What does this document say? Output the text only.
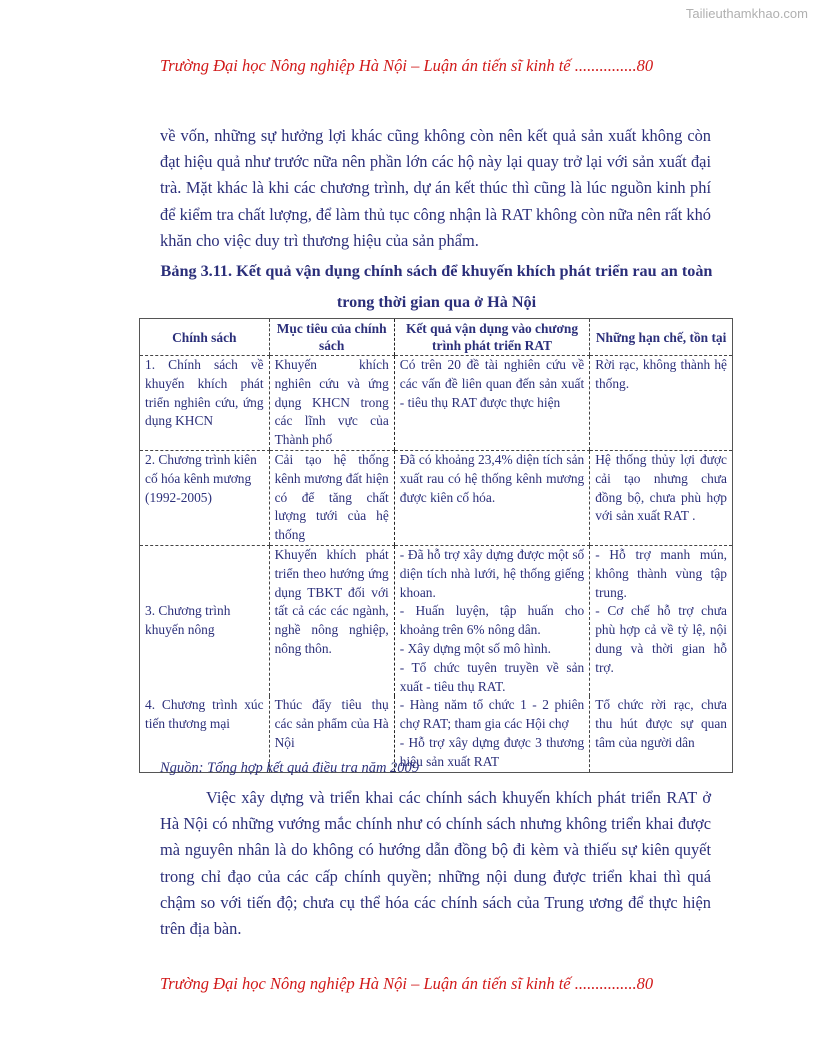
Tailieuthamkhao.com
Trường Đại học Nông nghiệp Hà Nội – Luận án tiến sĩ kinh tế ...............80
về vốn, những sự hưởng lợi khác cũng không còn nên kết quả sản xuất không còn đạt hiệu quả như trước nữa nên phần lớn các hộ này lại quay trở lại với sản xuất đại trà. Mặt khác là khi các chương trình, dự án kết thúc thì cũng là lúc nguồn kinh phí để kiểm tra chất lượng, để làm thủ tục công nhận là RAT không còn nữa nên rất khó khăn cho việc duy trì thương hiệu của sản phẩm.
Bảng 3.11. Kết quả vận dụng chính sách để khuyến khích phát triển rau an toàn trong thời gian qua ở Hà Nội
Chính sách	Mục tiêu của chính sách	Kết quả vận dụng vào chương trình phát triển RAT	Những hạn chế, tồn tại
1. Chính sách về khuyến khích phát triển nghiên cứu, ứng dụng KHCN	Khuyến khích nghiên cứu và ứng dụng KHCN trong các lĩnh vực của Thành phố	Có trên 20 đề tài nghiên cứu về các vấn đề liên quan đến sản xuất - tiêu thụ RAT được thực hiện	Rời rạc, không thành hệ thống.

2. Chương trình kiên cố hóa kênh mương (1992-2005)	Cải tạo hệ thống kênh mương đất hiện có để tăng chất lượng tưới của hệ thống	Đã có khoảng 23,4% diện tích sản xuất rau có hệ thống kênh mương được kiên cố hóa.	Hệ thống thủy lợi được cải tạo nhưng chưa đồng bộ, chưa phù hợp với sản xuất RAT .

3. Chương trình khuyến nông	Khuyến khích phát triển theo hướng ứng dụng TBKT đối với tất cả các các ngành, nghề nông nghiệp, nông thôn.	- Đã hỗ trợ xây dựng được một số diện tích nhà lưới, hệ thống giếng khoan.
- Huấn luyện, tập huấn cho khoảng trên 6% nông dân.
- Xây dựng một số mô hình.
- Tổ chức tuyên truyền về sản xuất - tiêu thụ RAT.	- Hỗ trợ manh mún, không thành vùng tập trung.
- Cơ chế hỗ trợ chưa phù hợp cả về tỷ lệ, nội dung và thời gian hỗ trợ.

4. Chương trình xúc tiến thương mại	Thúc đẩy tiêu thụ các sản phẩm của Hà Nội	- Hàng năm tổ chức 1 - 2 phiên chợ RAT; tham gia các Hội chợ
- Hỗ trợ xây dựng được 3 thương hiệu sản xuất RAT	Tổ chức rời rạc, chưa thu hút được sự quan tâm của người dân
Nguồn: Tổng hợp kết quả điều tra năm 2009
Việc xây dựng và triển khai các chính sách khuyến khích phát triển RAT ở Hà Nội có những vướng mắc chính như có chính sách nhưng không triển khai được mà nguyên nhân là do không có hướng dẫn đồng bộ đi kèm và thiếu sự kiên quyết trong chỉ đạo của các cấp chính quyền; những nội dung được triển khai thì quá chậm so với tiến độ; chưa cụ thể hóa các chính sách của Trung ương để thực hiện trên địa bàn.
Trường Đại học Nông nghiệp Hà Nội – Luận án tiến sĩ kinh tế ...............80
